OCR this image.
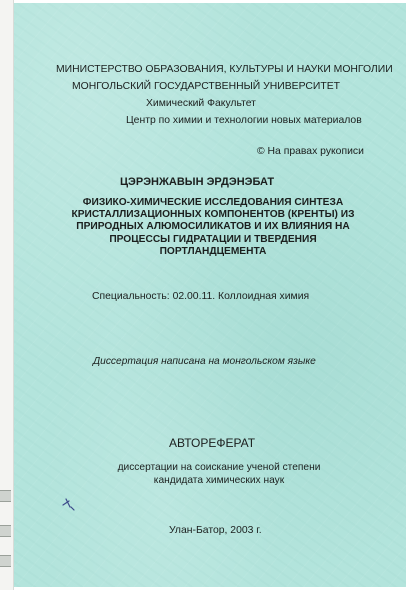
МИНИСТЕРСТВО ОБРАЗОВАНИЯ, КУЛЬТУРЫ И НАУКИ МОНГОЛИИ
МОНГОЛЬСКИЙ ГОСУДАРСТВЕННЫЙ УНИВЕРСИТЕТ
Химический Факультет
Центр по химии и технологии новых материалов
© На правах рукописи
ЦЭРЭНЖАВЫН ЭРДЭНЭБАТ
ФИЗИКО-ХИМИЧЕСКИЕ ИССЛЕДОВАНИЯ СИНТЕЗА
КРИСТАЛЛИЗАЦИОННЫХ КОМПОНЕНТОВ (КРЕНТЫ) ИЗ
ПРИРОДНЫХ АЛЮМОСИЛИКАТОВ И ИХ ВЛИЯНИЯ НА
ПРОЦЕССЫ ГИДРАТАЦИИ И ТВЕРДЕНИЯ
ПОРТЛАНДЦЕМЕНТА
Специальность: 02.00.11. Коллоидная химия
Диссертация написана на монгольском языке
АВТОРЕФЕРАТ
диссертации на соискание ученой степени
кандидата химических наук
Улан-Батор, 2003 г.
